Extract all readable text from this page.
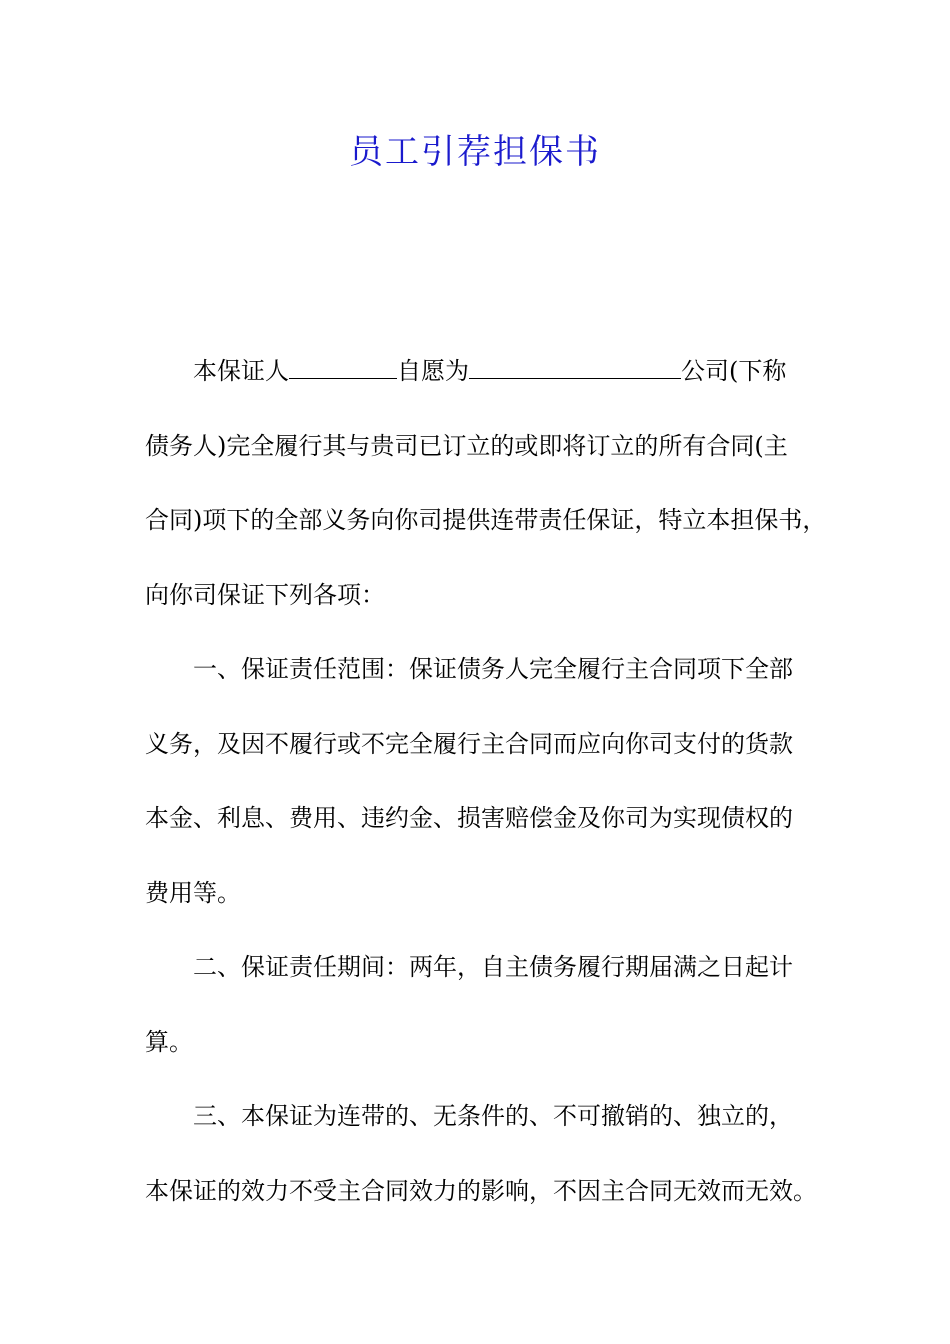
员工引荐担保书
本保证人	自愿为	公司(下称
债务人)完全履行其与贵司已订立的或即将订立的所有合同(主
合同)项下的全部义务向你司提供连带责任保证，特立本担保书，
向你司保证下列各项：
一、保证责任范围：保证债务人完全履行主合同项下全部
义务，及因不履行或不完全履行主合同而应向你司支付的货款
本金、利息、费用、违约金、损害赔偿金及你司为实现债权的
费用等。
二、保证责任期间：两年，自主债务履行期届满之日起计
算。
三、本保证为连带的、无条件的、不可撤销的、独立的，
本保证的效力不受主合同效力的影响，不因主合同无效而无效。
